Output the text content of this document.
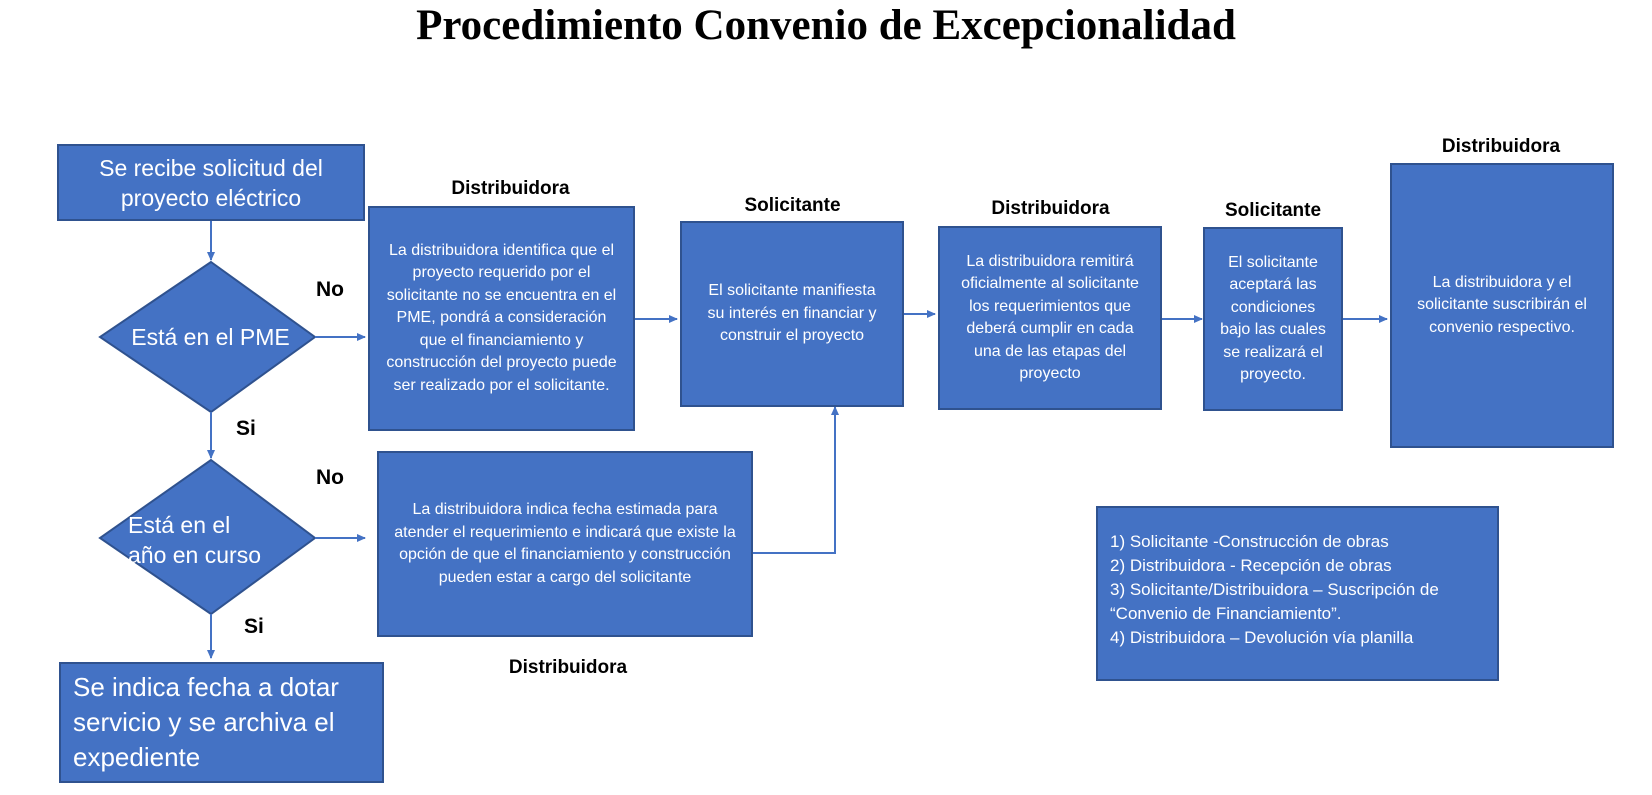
Procedimiento Convenio de Excepcionalidad
Se recibe solicitud del proyecto eléctrico
Está en el PME
Está en el
año en curso
No
Si
No
Si
Se indica fecha a dotar servicio y se archiva el expediente
Distribuidora
Distribuidora
Solicitante	Distribuidora	Solicitante
Distribuidora
La distribuidora identifica que el proyecto requerido por el solicitante no se encuentra en el PME, pondrá a consideración que el financiamiento y construcción del proyecto puede ser realizado por el solicitante.
La distribuidora indica fecha estimada para atender el requerimiento e indicará que existe la opción de que el financiamiento y construcción pueden estar a cargo del solicitante
El solicitante manifiesta su interés en financiar y construir el proyecto
La distribuidora remitirá oficialmente al solicitante los requerimientos que deberá cumplir en cada una de las etapas del proyecto
El solicitante aceptará las condiciones bajo las cuales se realizará el proyecto.
La distribuidora y el solicitante suscribirán el convenio respectivo.
1) Solicitante -Construcción de obras
2) Distribuidora - Recepción de obras
3) Solicitante/Distribuidora – Suscripción de “Convenio de Financiamiento”.
4) Distribuidora – Devolución vía planilla
